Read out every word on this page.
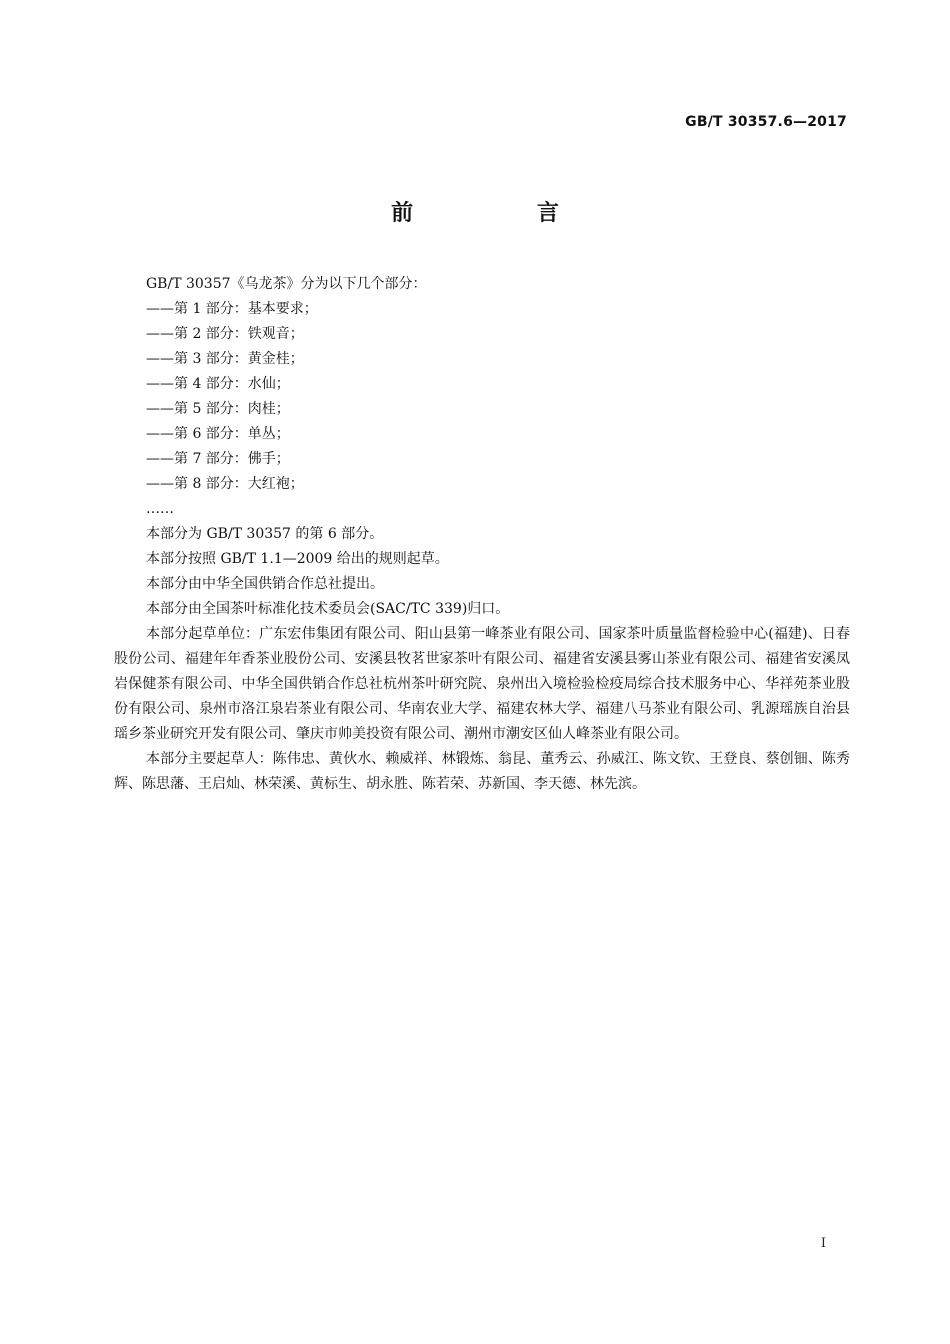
GB/T 30357.6—2017
前 言

GB/T 30357《乌龙茶》分为以下几个部分：

——第 1 部分：基本要求；

——第 2 部分：铁观音；

——第 3 部分：黄金桂；

——第 4 部分：水仙；

——第 5 部分：肉桂；

——第 6 部分：单丛；

——第 7 部分：佛手；

——第 8 部分：大红袍；

……

本部分为 GB/T 30357 的第 6 部分。

本部分按照 GB/T 1.1—2009 给出的规则起草。

本部分由中华全国供销合作总社提出。

本部分由全国茶叶标准化技术委员会(SAC/TC 339)归口。

本部分起草单位：广东宏伟集团有限公司、阳山县第一峰茶业有限公司、国家茶叶质量监督检验中心(福建)、日春股份公司、福建年年香茶业股份公司、安溪县牧茗世家茶叶有限公司、福建省安溪县雾山茶业有限公司、福建省安溪凤岩保健茶有限公司、中华全国供销合作总社杭州茶叶研究院、泉州出入境检验检疫局综合技术服务中心、华祥苑茶业股份有限公司、泉州市洛江泉岩茶业有限公司、华南农业大学、福建农林大学、福建八马茶业有限公司、乳源瑶族自治县瑶乡茶业研究开发有限公司、肇庆市帅美投资有限公司、潮州市潮安区仙人峰茶业有限公司。

本部分主要起草人：陈伟忠、黄伙水、赖威祥、林锻炼、翁昆、董秀云、孙威江、陈文钦、王登良、蔡创钿、陈秀辉、陈思藩、王启灿、林荣溪、黄标生、胡永胜、陈若荣、苏新国、李天德、林先滨。

I
